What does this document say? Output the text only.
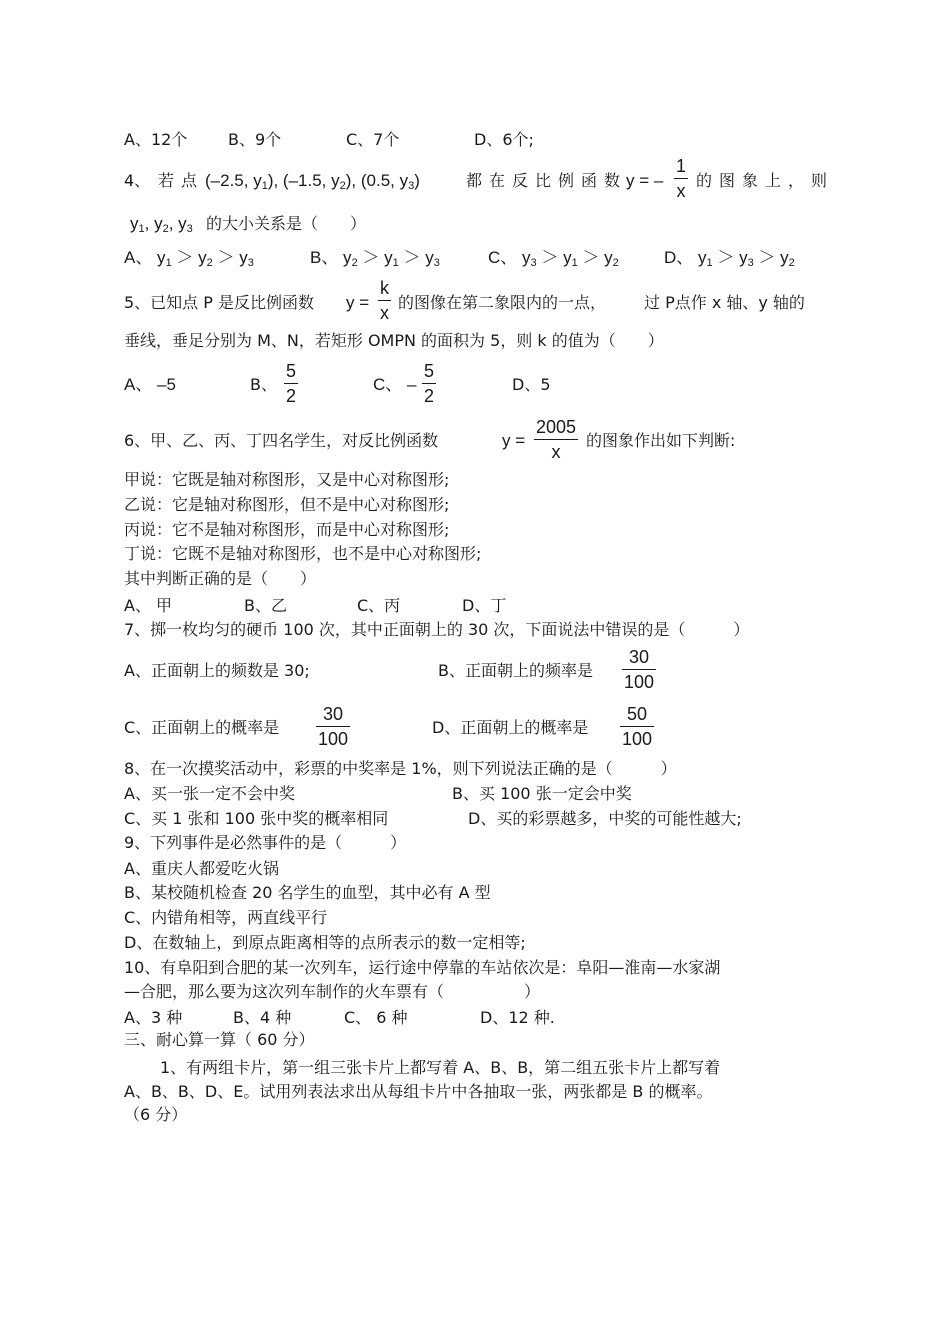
A、12个	B、9个	C、7个	D、6个;
4、 若点 (–2.5, $y_1$), (–1.5, $y_2$), (0.5, $y_3$)	都在反比例函数
y = –
1
x
的图象上，则
$y_1$, $y_2$, $y_3$ 的大小关系是（　　）
A、 $y_1 > y_2 > y_3$	B、 $y_2 > y_1 > y_3$	C、 $y_3 > y_1 > y_2$	D、 $y_1 > y_3 > y_2$
5、已知点 P 是反比例函数 y =
k
x
的图像在第二象限内的一点， 过 P点作 x 轴、y 轴的
垂线，垂足分别为 M、N，若矩形 OMPN 的面积为 5，则 k 的值为（　　）
A、 –5	B、
5
2
C、 –
5
2
D、5
6、甲、乙、丙、丁四名学生，对反比例函数	y =
2005
x
的图象作出如下判断:
甲说：它既是轴对称图形，又是中心对称图形;
乙说：它是轴对称图形，但不是中心对称图形;
丙说：它不是轴对称图形，而是中心对称图形;
丁说：它既不是轴对称图形，也不是中心对称图形;
其中判断正确的是（　　）
A、 甲	B、乙	C、丙	D、丁
7、掷一枚均匀的硬币 100 次，其中正面朝上的 30 次，下面说法中错误的是（　　　）
A、正面朝上的频数是 30;	B、正面朝上的频率是
30
100
C、正面朝上的概率是
30
100
D、正面朝上的概率是
50
100
8、在一次摸奖活动中，彩票的中奖率是 1%，则下列说法正确的是（　　　）
A、买一张一定不会中奖	B、买 100 张一定会中奖
C、买 1 张和 100 张中奖的概率相同	D、买的彩票越多，中奖的可能性越大;
9、下列事件是必然事件的是（　　　）
A、重庆人都爱吃火锅
B、某校随机检查 20 名学生的血型，其中必有 A 型
C、内错角相等，两直线平行
D、在数轴上，到原点距离相等的点所表示的数一定相等;
10、有阜阳到合肥的某一次列车，运行途中停靠的车站依次是：阜阳—淮南—水家湖
—合肥，那么要为这次列车制作的火车票有（　　　　　）
A、3 种	B、4 种	C、 6 种	D、12 种.
三、耐心算一算（ 60 分）
1、有两组卡片，第一组三张卡片上都写着 A、B、B，第二组五张卡片上都写着
A、B、B、D、E。试用列表法求出从每组卡片中各抽取一张，两张都是 B 的概率。
（6 分）
